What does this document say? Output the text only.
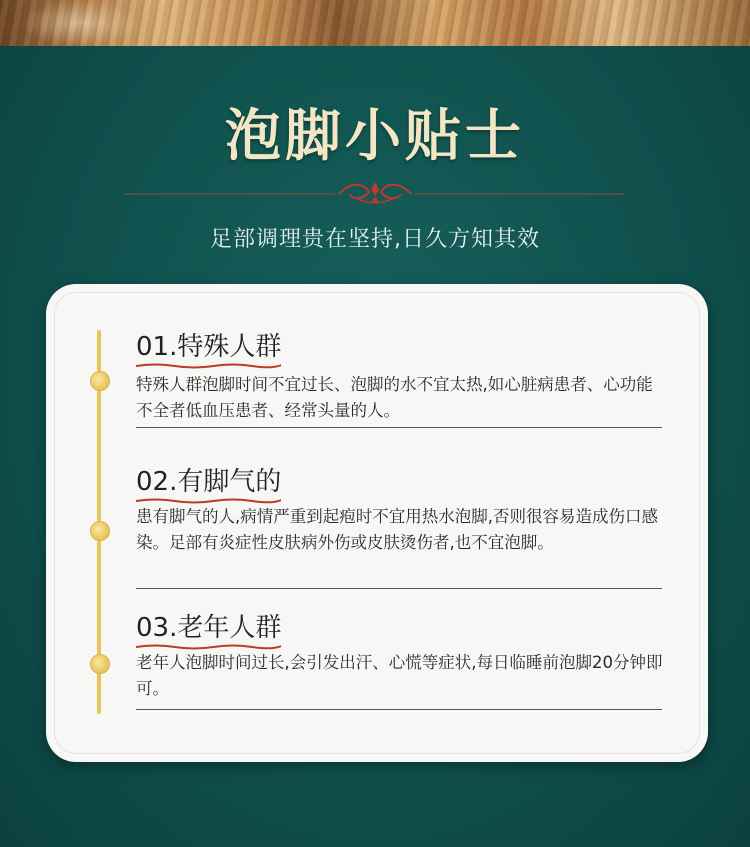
泡脚小贴士
足部调理贵在坚持,日久方知其效
01.特殊人群
特殊人群泡脚时间不宜过长、泡脚的水不宜太热,如心脏病患者、心功能不全者低血压患者、经常头量的人。
02.有脚气的
患有脚气的人,病情严重到起疱时不宜用热水泡脚,否则很容易造成伤口感染。足部有炎症性皮肤病外伤或皮肤烫伤者,也不宜泡脚。
03.老年人群
老年人泡脚时间过长,会引发出汗、心慌等症状,每日临睡前泡脚20分钟即可。
